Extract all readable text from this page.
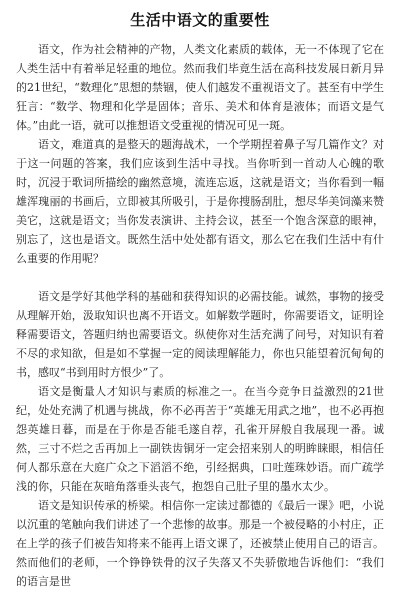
生活中语文的重要性

语文，作为社会精神的产物，人类文化素质的载体，无一不体现了它在人类生活中有着举足轻重的地位。然而我们毕竟生活在高科技发展日新月异的21世纪，“数理化”思想的禁锢，使人们越发不重视语文了。甚至有中学生狂言：“数学、物理和化学是固体；音乐、美术和体育是液体；而语文是气体。”由此一语，就可以推想语文受重视的情况可见一斑。

语文，难道真的是整天的题海战术，一个学期捏着鼻子写几篇作文？对于这一问题的答案，我们应该到生活中寻找。当你听到一首动人心魄的歌时，沉浸于歌词所描绘的幽然意境，流连忘返，这就是语文；当你看到一幅雄浑瑰丽的书画后，立即被其所吸引，于是你搜肠刮肚，想尽华美饲藻来赞美它，这就是语文；当你发表演讲、主持会议，甚至一个饱含深意的眼神，别忘了，这也是语文。既然生活中处处都有语文，那么它在我们生活中有什么重要的作用呢？

语文是学好其他学科的基础和获得知识的必需技能。诚然，事物的接受从理解开始，汲取知识也离不开语文。如解数学题时，你需要语文，证明诠释需要语文，答题归纳也需要语文。纵使你对生活充满了问号，对知识有着不尽的求知欲，但是如不掌握一定的阅读理解能力，你也只能望着沉甸甸的书，感叹“书到用时方恨少”了。

语文是衡量人才知识与素质的标准之一。在当今竞争日益激烈的21世纪，处处充满了机遇与挑战，你不必再苦于“英雄无用武之地”，也不必再抱怨英雄日暮，而是在于你是否能毛遂自荐，孔雀开屏般自我展现一番。诚然，三寸不烂之舌再加上一副铁齿铜牙一定会招来别人的明眸睐眼，相信任何人都乐意在大庭广众之下滔滔不绝，引经据典，口吐莲珠妙语。而广疏学浅的你，只能在灰暗角落垂头丧气，抱怨自己肚子里的墨水太少。

语文是知识传承的桥梁。相信你一定读过都德的《最后一课》吧，小说以沉重的笔触向我们讲述了一个悲惨的故事。那是一个被侵略的小村庄，正在上学的孩子们被告知将来不能再上语文课了，还被禁止使用自己的语言。然而他们的老师，一个铮铮铁骨的汉子失落又不失骄傲地告诉他们：“我们的语言是世
